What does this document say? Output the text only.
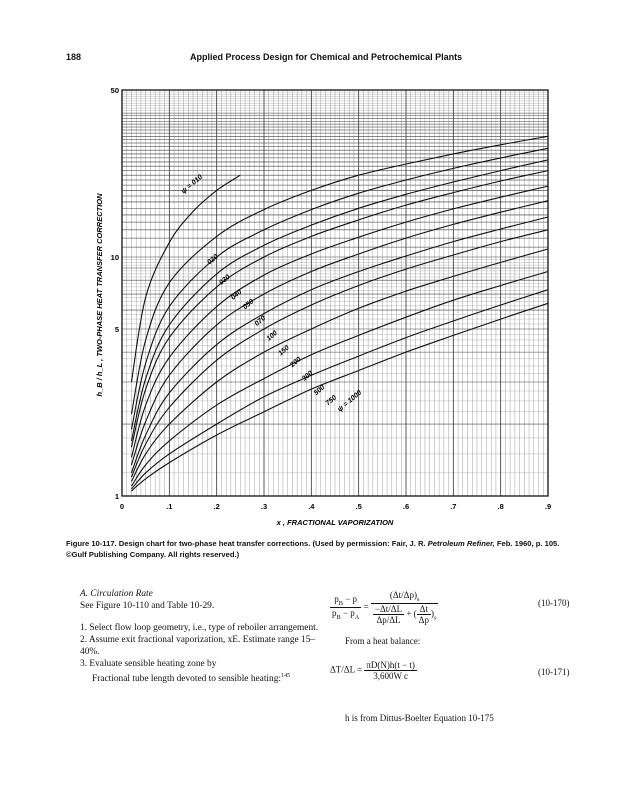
188	Applied Process Design for Chemical and Petrochemical Plants
0	.1	.2	.3	.4	.5	.6	.7	.8	.9
1
5
10
50
ψ = 010
020
030
040
050
070
100
150
200
300
500
750
ψ = 1000
h_B / h_L , TWO-PHASE HEAT TRANSFER CORRECTION
x , FRACTIONAL VAPORIZATION
Figure 10-117. Design chart for two-phase heat transfer corrections. (Used by permission: Fair, J. R. Petroleum Refiner, Feb. 1960, p. 105. ©Gulf Publishing Company. All rights reserved.)
A. Circulation Rate
See Figure 10-110 and Table 10-29.
1. Select flow loop geometry, i.e., type of reboiler arrangement.
2. Assume exit fractional vaporization, xE. Estimate range 15–40%.
3. Evaluate sensible heating zone by
Fractional tube length devoted to sensible heating:$^{145}$
$\frac{p_B - p}{p_B - p_A} = \frac{(\Delta t/\Delta p)_s}{\frac{-\Delta t/\Delta L}{\Delta p/\Delta L} + ( \frac{\Delta t}{\Delta p} )_s}$	(10-170)
From a heat balance:
$\Delta T/\Delta L = \frac{\pi D(N)h(t - t)}{\text{3,600W c}}$	(10-171)
h is from Dittus-Boelter Equation 10-175
